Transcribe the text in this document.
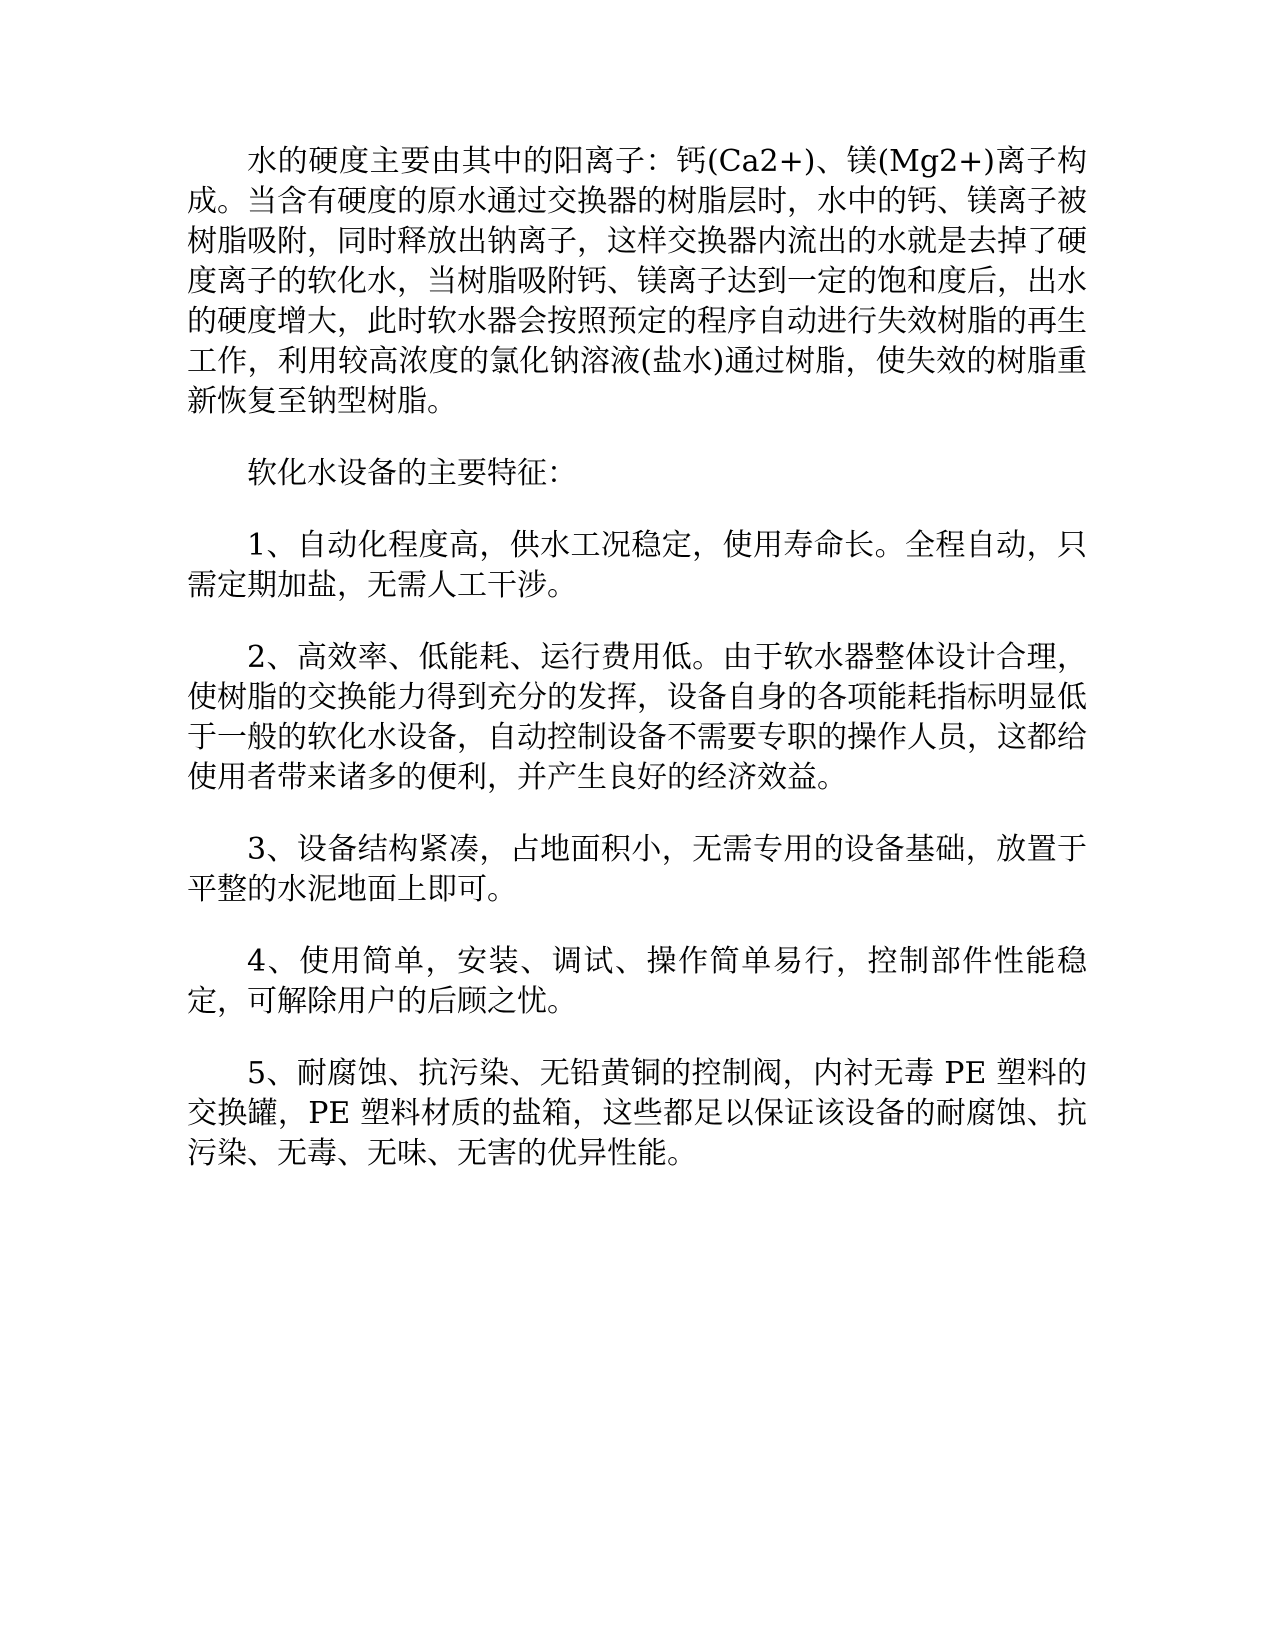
水的硬度主要由其中的阳离子：钙(Ca2+)、镁(Mg2+)离子构成。当含有硬度的原水通过交换器的树脂层时，水中的钙、镁离子被树脂吸附，同时释放出钠离子，这样交换器内流出的水就是去掉了硬度离子的软化水，当树脂吸附钙、镁离子达到一定的饱和度后，出水的硬度增大，此时软水器会按照预定的程序自动进行失效树脂的再生工作，利用较高浓度的氯化钠溶液(盐水)通过树脂，使失效的树脂重新恢复至钠型树脂。

软化水设备的主要特征：

1、自动化程度高，供水工况稳定，使用寿命长。全程自动，只需定期加盐，无需人工干涉。

2、高效率、低能耗、运行费用低。由于软水器整体设计合理，使树脂的交换能力得到充分的发挥，设备自身的各项能耗指标明显低于一般的软化水设备，自动控制设备不需要专职的操作人员，这都给使用者带来诸多的便利，并产生良好的经济效益。

3、设备结构紧凑，占地面积小，无需专用的设备基础，放置于平整的水泥地面上即可。

4、使用简单，安装、调试、操作简单易行，控制部件性能稳定，可解除用户的后顾之忧。

5、耐腐蚀、抗污染、无铅黄铜的控制阀，内衬无毒 PE 塑料的交换罐，PE 塑料材质的盐箱，这些都足以保证该设备的耐腐蚀、抗污染、无毒、无味、无害的优异性能。
